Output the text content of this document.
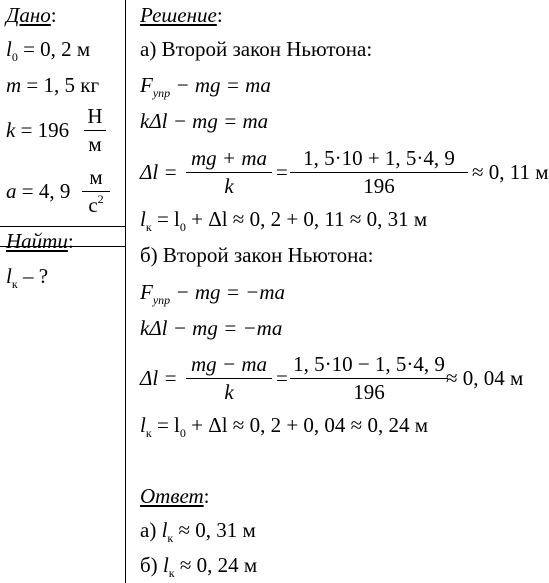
Дано:
$l_0 = 0$, 2 м
m = 1, 5 кг
k = 196
Н
м
a = 4, 9
м
$с^2$
Найти:
$l_к$ – ?
Решение:
а) Второй закон Ньютона:
$F_{упр}$ − mg = ma
kΔl − mg = ma
Δl =
mg + ma
k
=
1, 5·10 + 1, 5·4, 9
196
≈ 0, 11 м
$l_к = l_0 + \Delta l \approx 0$, 2 + 0, 11 ≈ 0, 31 м
б) Второй закон Ньютона:
$F_{упр}$ − mg = −ma
kΔl − mg = −ma
Δl =
mg − ma
k
=
1, 5·10 − 1, 5·4, 9
196
≈ 0, 04 м
$l_к = l_0 + \Delta l \approx 0$, 2 + 0, 04 ≈ 0, 24 м
Ответ:
а) $l_к \approx 0$, 31 м
б) $l_к \approx 0$, 24 м
